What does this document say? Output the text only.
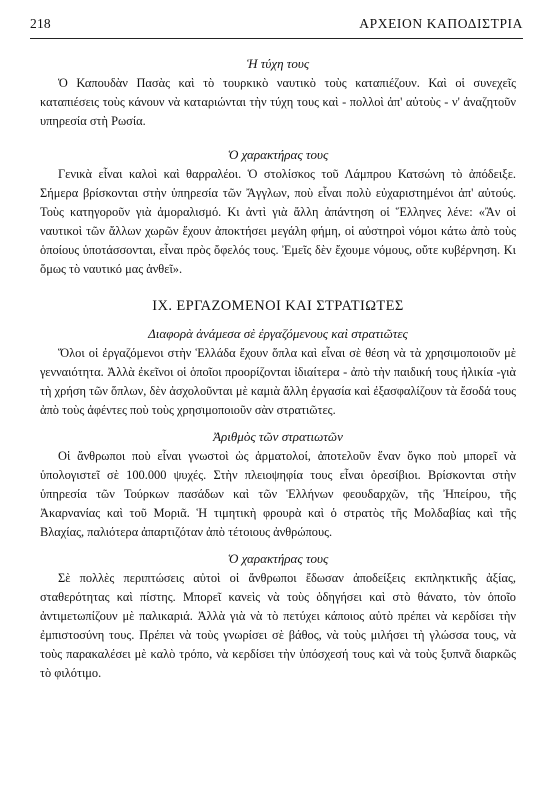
218	ΑΡΧΕΙΟΝ ΚΑΠΟΔΙΣΤΡΙΑ
Ἡ τύχη τους

Ὁ Καπουδὰν Πασὰς καὶ τὸ τουρκικὸ ναυτικὸ τοὺς καταπιέζουν. Καὶ οἱ συνεχεῖς καταπιέσεις τοὺς κάνουν νὰ καταριώνται τὴν τύχη τους καὶ - πολλοὶ ἀπ' αὐτοὺς - ν' ἀναζητοῦν υπηρεσία στὴ Ρωσία.

Ὁ χαρακτήρας τους

Γενικὰ εἶναι καλοὶ καὶ θαρραλέοι. Ὁ στολίσκος τοῦ Λάμπρου Κατσώνη τὸ ἀπόδειξε. Σήμερα βρίσκονται στὴν ὑπηρεσία τῶν Ἄγγλων, ποὺ εἶναι πολὺ εὐχαριστημένοι ἀπ' αὐτούς. Τοὺς κατηγοροῦν γιὰ ἀμοραλισμό. Κι ἀντὶ γιὰ ἄλλη ἀπάντηση οἱ Ἕλληνες λένε: «Ἂν οἱ ναυτικοὶ τῶν ἄλλων χωρῶν ἔχουν ἀποκτήσει μεγάλη φήμη, οἱ αὐστηροὶ νόμοι κάτω ἀπὸ τοὺς ὁποίους ὑποτάσσονται, εἶναι πρὸς ὄφελός τους. Ἐμεῖς δὲν ἔχουμε νόμους, οὔτε κυβέρνηση. Κι ὅμως τὸ ναυτικό μας ἀνθεῖ».

IX. ΕΡΓΑΖΟΜΕΝΟΙ ΚΑΙ ΣΤΡΑΤΙΩΤΕΣ
Διαφορὰ ἀνάμεσα σὲ ἐργαζόμενους καὶ στρατιῶτες

Ὅλοι οἱ ἐργαζόμενοι στὴν Ἑλλάδα ἔχουν ὅπλα καὶ εἶναι σὲ θέση νὰ τὰ χρησιμοποιοῦν μὲ γενναιότητα. Ἀλλὰ ἐκεῖνοι οἱ ὁποῖοι προορίζονται ἰδιαίτερα - ἀπὸ τὴν παιδική τους ἡλικία -γιὰ τὴ χρήση τῶν ὅπλων, δὲν ἀσχολοῦνται μὲ καμιὰ ἄλλη ἐργασία καὶ ἐξασφαλίζουν τὰ ἔσοδά τους ἀπὸ τοὺς ἀφέντες ποὺ τοὺς χρησιμοποιοῦν σὰν στρατιῶτες.

Ἀριθμὸς τῶν στρατιωτῶν

Οἱ ἄνθρωποι ποὺ εἶναι γνωστοὶ ὡς ἁρματολοί, ἀποτελοῦν ἕναν ὄγκο ποὺ μπορεῖ νὰ ὑπολογιστεῖ σὲ 100.000 ψυχές. Στὴν πλειοψηφία τους εἶναι ὀρεσίβιοι. Βρίσκονται στὴν ὑπηρεσία τῶν Τούρκων πασάδων καὶ τῶν Ἑλλήνων φεουδαρχῶν, τῆς Ἠπείρου, τῆς Ἀκαρνανίας καὶ τοῦ Μοριᾶ. Ἡ τιμητικὴ φρουρὰ καὶ ὁ στρατὸς τῆς Μολδαβίας καὶ τῆς Βλαχίας, παλιότερα ἀπαρτιζόταν ἀπὸ τέτοιους ἀνθρώπους.

Ὁ χαρακτήρας τους

Σὲ πολλὲς περιπτώσεις αὐτοὶ οἱ ἄνθρωποι ἔδωσαν ἀποδείξεις εκπληκτικῆς ἀξίας, σταθερότητας καὶ πίστης. Μπορεῖ κανεὶς νὰ τοὺς ὁδηγήσει καὶ στὸ θάνατο, τὸν ὁποῖο ἀντιμετωπίζουν μὲ παλικαριά. Ἀλλὰ γιὰ νὰ τὸ πετύχει κάποιος αὐτὸ πρέπει νὰ κερδίσει τὴν ἐμπιστοσύνη τους. Πρέπει νὰ τοὺς γνωρίσει σὲ βάθος, νὰ τοὺς μιλήσει τὴ γλώσσα τους, νὰ τοὺς παρακαλέσει μὲ καλὸ τρόπο, νὰ κερδίσει τὴν ὑπόσχεσή τους καὶ νὰ τοὺς ξυπνᾶ διαρκῶς τὸ φιλότιμο.
